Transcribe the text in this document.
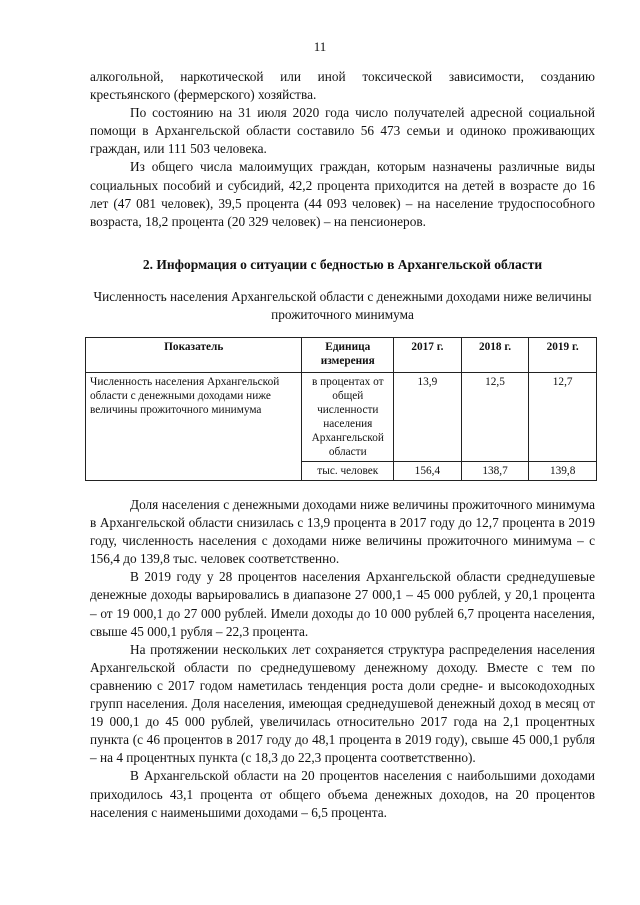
11

алкогольной, наркотической или иной токсической зависимости, созданию крестьянского (фермерского) хозяйства.

По состоянию на 31 июля 2020 года число получателей адресной социальной помощи в Архангельской области составило 56 473 семьи и одиноко проживающих граждан, или 111 503 человека.

Из общего числа малоимущих граждан, которым назначены различные виды социальных пособий и субсидий, 42,2 процента приходится на детей в возрасте до 16 лет (47 081 человек), 39,5 процента (44 093 человек) – на население трудоспособного возраста, 18,2 процента (20 329 человек) – на пенсионеров.

2. Информация о ситуации с бедностью в Архангельской области
Численность населения Архангельской области с денежными доходами ниже величины прожиточного минимума
Показатель	Единица измерения	2017 г.	2018 г.	2019 г.
Численность населения Архангельской области с денежными доходами ниже величины прожиточного минимума	в процентах от общей численности населения Архангельской области	13,9	12,5	12,7
	тыс. человек	156,4	138,7	139,8

Доля населения с денежными доходами ниже величины прожиточного минимума в Архангельской области снизилась с 13,9 процента в 2017 году до 12,7 процента в 2019 году, численность населения с доходами ниже величины прожиточного минимума – с 156,4 до 139,8 тыс. человек соответственно.

В 2019 году у 28 процентов населения Архангельской области среднедушевые денежные доходы варьировались в диапазоне 27 000,1 – 45 000 рублей, у 20,1 процента – от 19 000,1 до 27 000 рублей. Имели доходы до 10 000 рублей 6,7 процента населения, свыше 45 000,1 рубля – 22,3 процента.

На протяжении нескольких лет сохраняется структура распределения населения Архангельской области по среднедушевому денежному доходу. Вместе с тем по сравнению с 2017 годом наметилась тенденция роста доли средне- и высокодоходных групп населения. Доля населения, имеющая среднедушевой денежный доход в месяц от 19 000,1 до 45 000 рублей, увеличилась относительно 2017 года на 2,1 процентных пункта (с 46 процентов в 2017 году до 48,1 процента в 2019 году), свыше 45 000,1 рубля – на 4 процентных пункта (с 18,3 до 22,3 процента соответственно).

В Архангельской области на 20 процентов населения с наибольшими доходами приходилось 43,1 процента от общего объема денежных доходов, на 20 процентов населения с наименьшими доходами – 6,5 процента.
